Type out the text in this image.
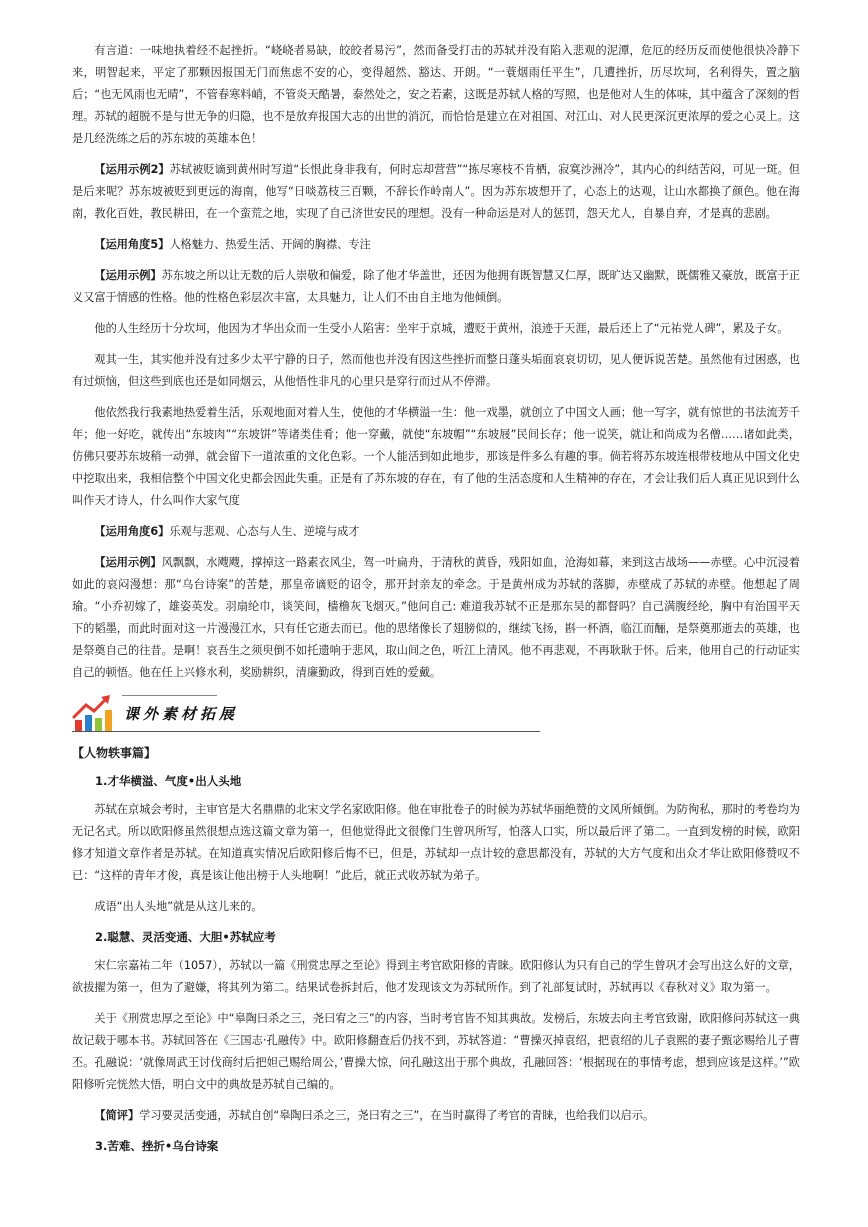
有言道：一味地执着经不起挫折。“峣峣者易缺，皎皎者易污”，然而备受打击的苏轼并没有陷入悲观的泥潭，危厄的经历反而使他很快冷静下来，明智起来，平定了那颗因报国无门而焦虑不安的心，变得超然、豁达、开朗。“一蓑烟雨任平生”，几遭挫折，历尽坎坷，名利得失，置之脑后；“也无风雨也无晴”，不管春寒料峭，不管炎天酷暑，泰然处之，安之若素，这既是苏轼人格的写照，也是他对人生的体味，其中蕴含了深刻的哲理。苏轼的超脱不是与世无争的归隐，也不是放弃报国大志的出世的消沉，而恰恰是建立在对祖国、对江山、对人民更深沉更浓厚的爱之心灵上。这是几经洗练之后的苏东坡的英雄本色！

【运用示例2】苏轼被贬谪到黄州时写道“长恨此身非我有，何时忘却营营”“拣尽寒枝不肯栖，寂寞沙洲冷”，其内心的纠结苦闷，可见一斑。但是后来呢？苏东坡被贬到更远的海南，他写“日啖荔枝三百颗，不辞长作岭南人”。因为苏东坡想开了，心态上的达观，让山水都换了颜色。他在海南，教化百姓，教民耕田，在一个蛮荒之地，实现了自己济世安民的理想。没有一种命运是对人的惩罚，怨天尤人，自暴自弃，才是真的悲剧。

【运用角度5】人格魅力、热爱生活、开阔的胸襟、专注

【运用示例】苏东坡之所以让无数的后人崇敬和偏爱，除了他才华盖世，还因为他拥有既智慧又仁厚，既旷达又幽默，既儒雅又豪放，既富于正义又富于情感的性格。他的性格色彩层次丰富，太具魅力，让人们不由自主地为他倾倒。

他的人生经历十分坎坷，他因为才华出众而一生受小人陷害：坐牢于京城，遭贬于黄州，浪迹于天涯，最后还上了“元祐党人碑”，累及子女。

观其一生，其实他并没有过多少太平宁静的日子，然而他也并没有因这些挫折而整日蓬头垢面哀哀切切，见人便诉说苦楚。虽然他有过困惑，也有过烦恼，但这些到底也还是如同烟云，从他悟性非凡的心里只是穿行而过从不停滞。

他依然我行我素地热爱着生活，乐观地面对着人生，使他的才华横溢一生：他一戏墨，就创立了中国文人画；他一写字，就有惊世的书法流芳千年；他一好吃，就传出“东坡肉”“东坡饼”等诸类佳肴；他一穿戴，就使“东坡帽”“东坡屐”民间长存；他一说笑，就让和尚成为名僧……诸如此类，仿佛只要苏东坡稍一动弹，就会留下一道浓重的文化色彩。一个人能活到如此地步，那该是件多么有趣的事。倘若将苏东坡连根带枝地从中国文化史中挖取出来，我相信整个中国文化史都会因此失重。正是有了苏东坡的存在，有了他的生活态度和人生精神的存在，才会让我们后人真正见识到什么叫作天才诗人，什么叫作大家气度

【运用角度6】乐观与悲观、心态与人生、逆境与成才

【运用示例】风飘飘，水飕飕，撑掉这一路素衣风尘，驾一叶扁舟，于清秋的黄昏，残阳如血，沧海如幕，来到这古战场——赤壁。心中沉浸着如此的哀闷漫想：那“乌台诗案”的苦楚，那皇帝谪贬的诏令，那开封亲友的牵念。于是黄州成为苏轼的落脚，赤壁成了苏轼的赤壁。他想起了周瑜。“小乔初嫁了，雄姿英发。羽扇纶巾，谈笑间，樯橹灰飞烟灭。”他问自己: 难道我苏轼不正是那东吴的都督吗？自己满腹经纶，胸中有治国平天下的韬墨，而此时面对这一片漫漫江水，只有任它逝去而已。他的思绪像长了翅膀似的，继续飞扬，斟一杯酒，临江而酾，是祭奠那逝去的英雄，也是祭奠自己的往昔。是啊！哀吾生之须臾倒不如托遗响于悲风，取山间之色，听江上清风。他不再悲观，不再耿耿于怀。后来，他用自己的行动证实自己的顿悟。他在任上兴修水利，奖励耕织，清廉勤政，得到百姓的爱戴。

课外素材拓展
【人物轶事篇】
1.才华横溢、气度•出人头地

苏轼在京城会考时，主审官是大名鼎鼎的北宋文学名家欧阳修。他在审批卷子的时候为苏轼华丽绝赞的文风所倾倒。为防徇私，那时的考卷均为无记名式。所以欧阳修虽然很想点选这篇文章为第一，但他觉得此文很像门生曾巩所写，怕落人口实，所以最后评了第二。一直到发榜的时候，欧阳修才知道文章作者是苏轼。在知道真实情况后欧阳修后悔不已，但是，苏轼却一点计较的意思都没有，苏轼的大方气度和出众才华让欧阳修赞叹不已：“这样的青年才俊，真是该让他出榜于人头地啊！”此后，就正式收苏轼为弟子。

成语“出人头地”就是从这儿来的。

2.聪慧、灵活变通、大胆•苏轼应考

宋仁宗嘉祐二年（1057），苏轼以一篇《刑赏忠厚之至论》得到主考官欧阳修的青睐。欧阳修认为只有自己的学生曾巩才会写出这么好的文章，欲拔擢为第一，但为了避嫌，将其列为第二。结果试卷拆封后，他才发现该文为苏轼所作。到了礼部复试时，苏轼再以《春秋对义》取为第一。

关于《刑赏忠厚之至论》中“皋陶曰杀之三，尧曰宥之三”的内容，当时考官皆不知其典故。发榜后，东坡去向主考官致谢，欧阳修问苏轼这一典故记载于哪本书。苏轼回答在《三国志·孔融传》中。欧阳修翻查后仍找不到，苏轼答道：“曹操灭掉袁绍，把袁绍的儿子袁熙的妻子甄宓赐给儿子曹丕。孔融说：‘就像周武王讨伐商纣后把妲己赐给周公，’曹操大惊，问孔融这出于那个典故，孔融回答：‘根据现在的事情考虑，想到应该是这样。’”欧阳修听完恍然大悟，明白文中的典故是苏轼自己编的。

【简评】学习要灵活变通，苏轼自创“皋陶曰杀之三，尧曰宥之三”，在当时赢得了考官的青睐，也给我们以启示。

3.苦难、挫折•乌台诗案
